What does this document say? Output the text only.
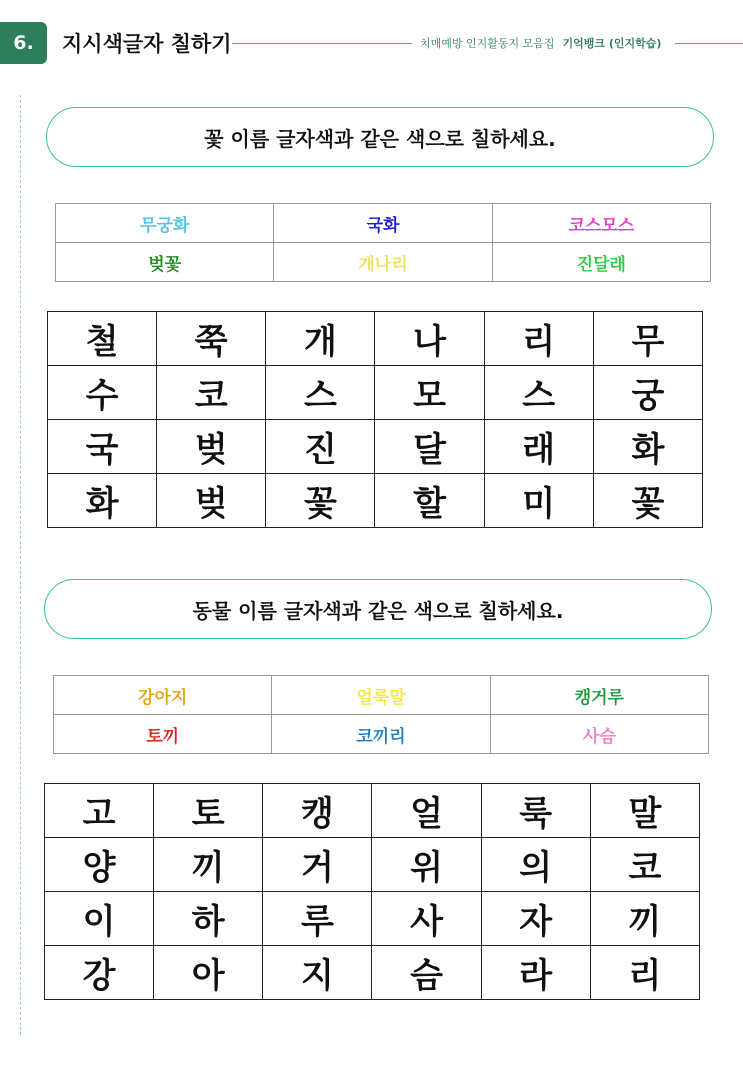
6.	지시색글자 칠하기	치매예방 인지활동지 모음집 기억뱅크 (인지학습)
꽃 이름 글자색과 같은 색으로 칠하세요.
무궁화	국화	코스모스
벚꽃	개나리	진달래
철	쭉	개	나	리	무
수	코	스	모	스	궁
국	벚	진	달	래	화
화	벚	꽃	할	미	꽃
동물 이름 글자색과 같은 색으로 칠하세요.
강아지	얼룩말	캥거루
토끼	코끼리	사슴
고	토	캥	얼	룩	말
양	끼	거	위	의	코
이	하	루	사	자	끼
강	아	지	슴	라	리
